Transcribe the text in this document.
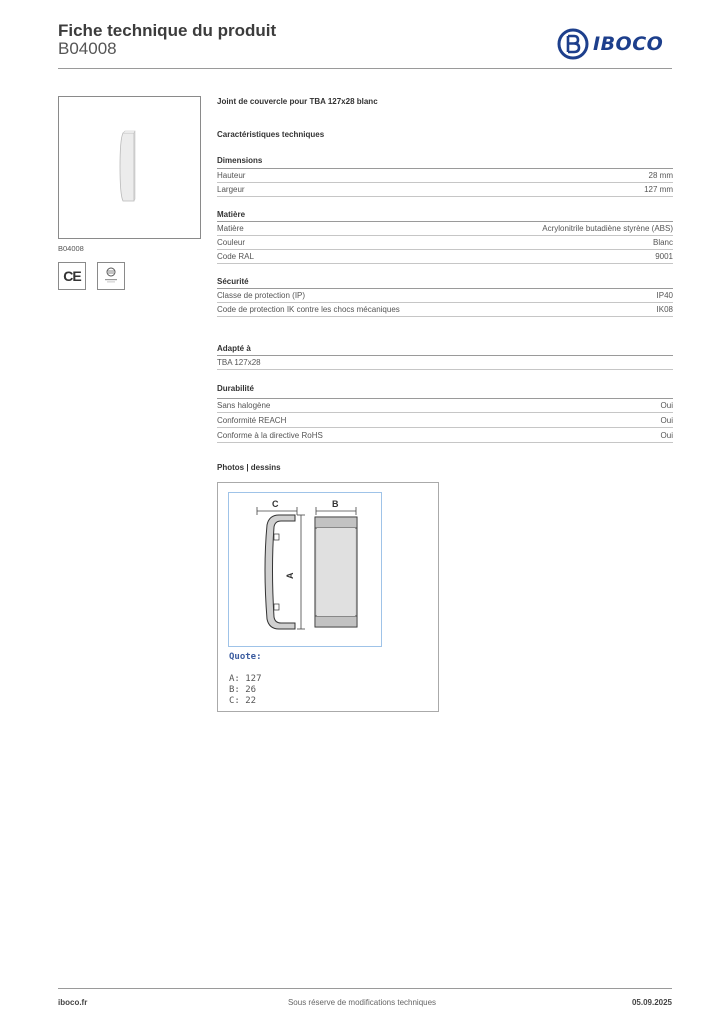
Fiche technique du produit
B04008	IBOCO
B04008
CE
Joint de couvercle pour TBA 127x28 blanc
Caractéristiques techniques
Dimensions
Hauteur	28 mm
Largeur	127 mm
Matière
Matière	Acrylonitrile butadiène styrène (ABS)
Couleur	Blanc
Code RAL	9001
Sécurité
Classe de protection (IP)	IP40
Code de protection IK contre les chocs mécaniques	IK08
Adapté à
TBA 127x28
Durabilité
Sans halogène	Oui
Conformité REACH	Oui
Conforme à la directive RoHS	Oui
Photos | dessins
C	B
A
Quote:
A: 127
B: 26
C: 22
iboco.fr	Sous réserve de modifications techniques	05.09.2025
